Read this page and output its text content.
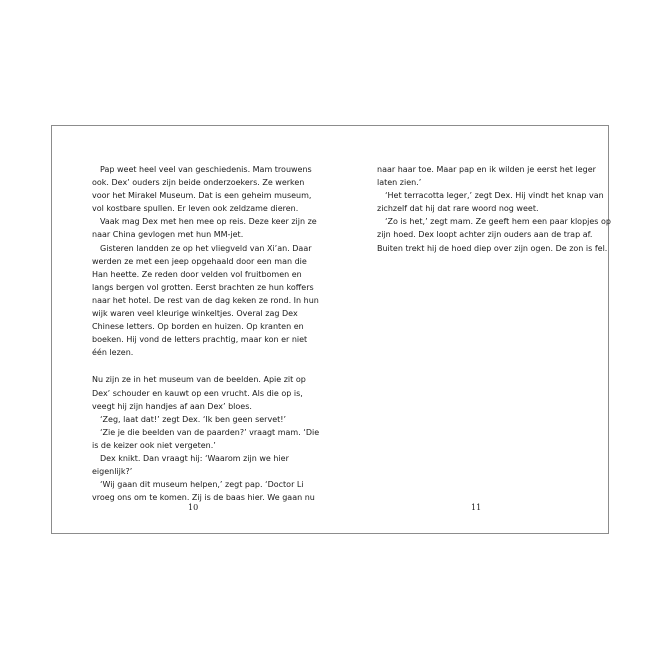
Pap weet heel veel van geschiedenis. Mam trouwens
ook. Dex’ ouders zijn beide onderzoekers. Ze werken
voor het Mirakel Museum. Dat is een geheim museum,
vol kostbare spullen. Er leven ook zeldzame dieren.
Vaak mag Dex met hen mee op reis. Deze keer zijn ze
naar China gevlogen met hun MM-jet.
Gisteren landden ze op het vliegveld van Xi’an. Daar
werden ze met een jeep opgehaald door een man die
Han heette. Ze reden door velden vol fruitbomen en
langs bergen vol grotten. Eerst brachten ze hun koffers
naar het hotel. De rest van de dag keken ze rond. In hun
wijk waren veel kleurige winkeltjes. Overal zag Dex
Chinese letters. Op borden en huizen. Op kranten en
boeken. Hij vond de letters prachtig, maar kon er niet
één lezen.
Nu zijn ze in het museum van de beelden. Apie zit op
Dex’ schouder en kauwt op een vrucht. Als die op is,
veegt hij zijn handjes af aan Dex’ bloes.
‘Zeg, laat dat!’ zegt Dex. ‘Ik ben geen servet!’
‘Zie je die beelden van de paarden?’ vraagt mam. ‘Die
is de keizer ook niet vergeten.’
Dex knikt. Dan vraagt hij: ‘Waarom zijn we hier
eigenlijk?’
‘Wij gaan dit museum helpen,’ zegt pap. ‘Doctor Li
vroeg ons om te komen. Zij is de baas hier. We gaan nu
naar haar toe. Maar pap en ik wilden je eerst het leger
laten zien.’
‘Het terracotta leger,’ zegt Dex. Hij vindt het knap van
zichzelf dat hij dat rare woord nog weet.
‘Zo is het,’ zegt mam. Ze geeft hem een paar klopjes op
zijn hoed. Dex loopt achter zijn ouders aan de trap af.
Buiten trekt hij de hoed diep over zijn ogen. De zon is fel.
10	11
